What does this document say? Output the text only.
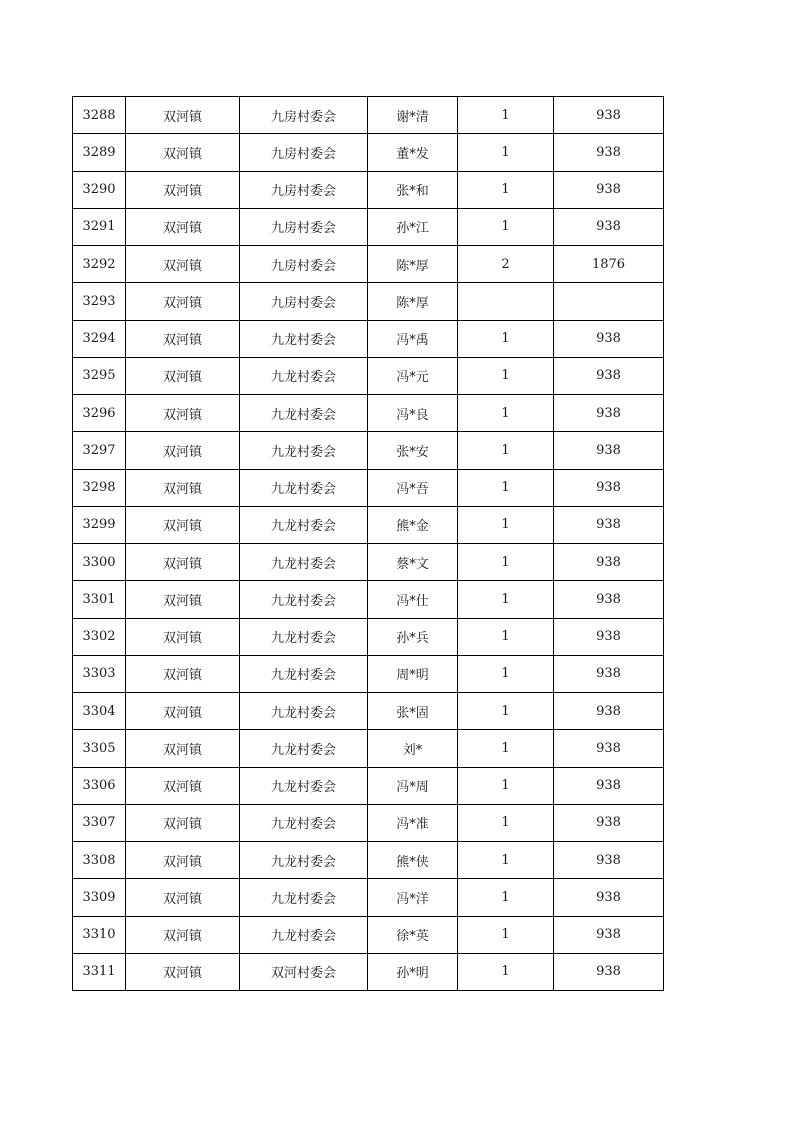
3288	双河镇	九房村委会	谢*清	1	938
3289	双河镇	九房村委会	董*发	1	938
3290	双河镇	九房村委会	张*和	1	938
3291	双河镇	九房村委会	孙*江	1	938
3292	双河镇	九房村委会	陈*厚	2	1876
3293	双河镇	九房村委会	陈*厚		
3294	双河镇	九龙村委会	冯*禹	1	938
3295	双河镇	九龙村委会	冯*元	1	938
3296	双河镇	九龙村委会	冯*良	1	938
3297	双河镇	九龙村委会	张*安	1	938
3298	双河镇	九龙村委会	冯*吾	1	938
3299	双河镇	九龙村委会	熊*金	1	938
3300	双河镇	九龙村委会	蔡*文	1	938
3301	双河镇	九龙村委会	冯*仕	1	938
3302	双河镇	九龙村委会	孙*兵	1	938
3303	双河镇	九龙村委会	周*明	1	938
3304	双河镇	九龙村委会	张*固	1	938
3305	双河镇	九龙村委会	刘*	1	938
3306	双河镇	九龙村委会	冯*周	1	938
3307	双河镇	九龙村委会	冯*准	1	938
3308	双河镇	九龙村委会	熊*侠	1	938
3309	双河镇	九龙村委会	冯*洋	1	938
3310	双河镇	九龙村委会	徐*英	1	938
3311	双河镇	双河村委会	孙*明	1	938
